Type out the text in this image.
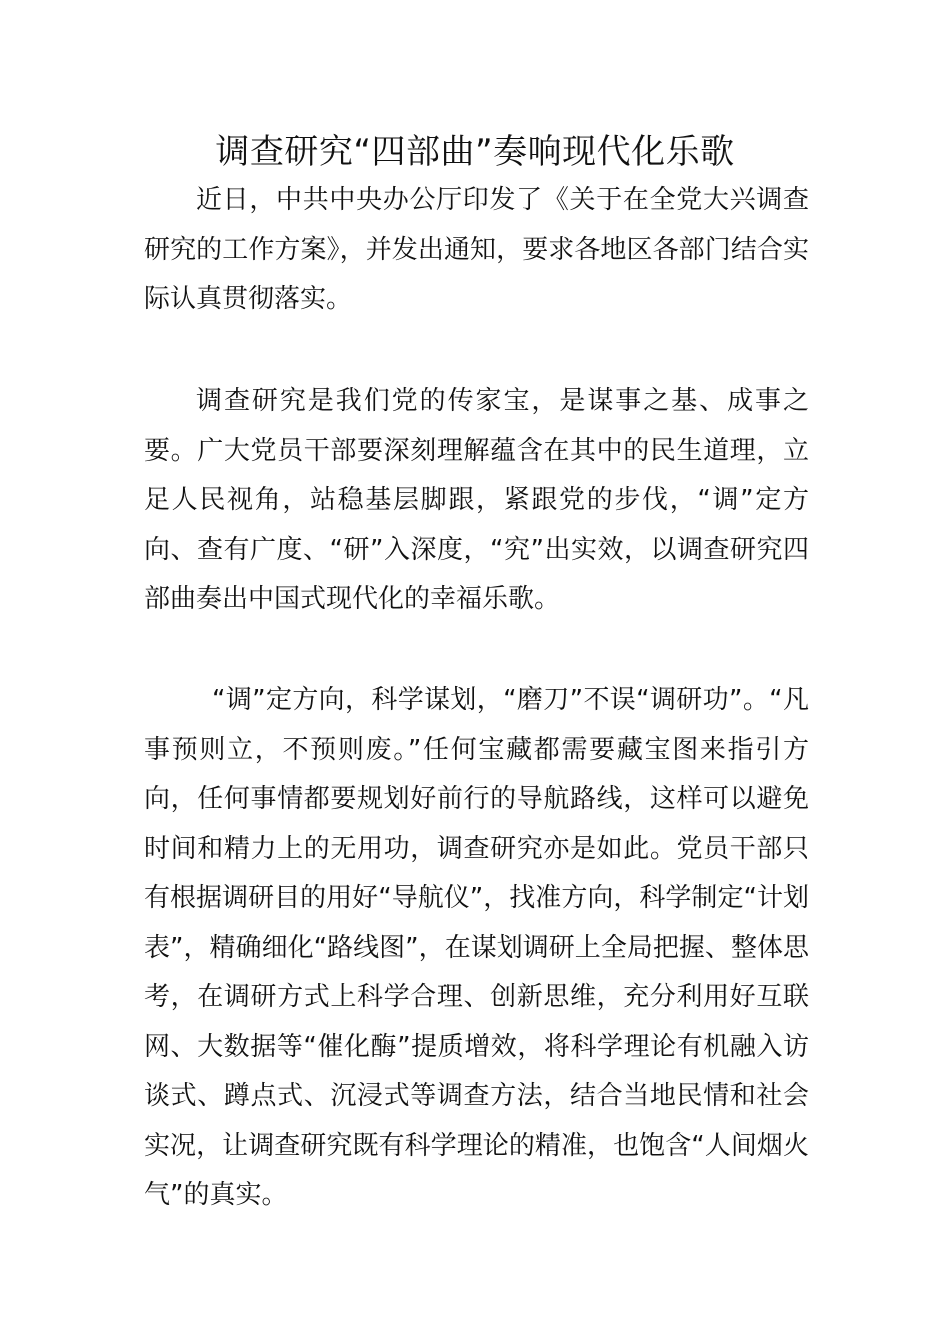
调查研究“四部曲”奏响现代化乐歌

近日，中共中央办公厅印发了《关于在全党大兴调查研究的工作方案》，并发出通知，要求各地区各部门结合实际认真贯彻落实。

调查研究是我们党的传家宝，是谋事之基、成事之要。广大党员干部要深刻理解蕴含在其中的民生道理，立足人民视角，站稳基层脚跟，紧跟党的步伐，“调”定方向、查有广度、“研”入深度，“究”出实效，以调查研究四部曲奏出中国式现代化的幸福乐歌。

“调”定方向，科学谋划，“磨刀”不误“调研功”。“凡事预则立，不预则废。”任何宝藏都需要藏宝图来指引方向，任何事情都要规划好前行的导航路线，这样可以避免时间和精力上的无用功，调查研究亦是如此。党员干部只有根据调研目的用好“导航仪”，找准方向，科学制定“计划表”，精确细化“路线图”，在谋划调研上全局把握、整体思考，在调研方式上科学合理、创新思维，充分利用好互联网、大数据等“催化酶”提质增效，将科学理论有机融入访谈式、蹲点式、沉浸式等调查方法，结合当地民情和社会实况，让调查研究既有科学理论的精准，也饱含“人间烟火气”的真实。
